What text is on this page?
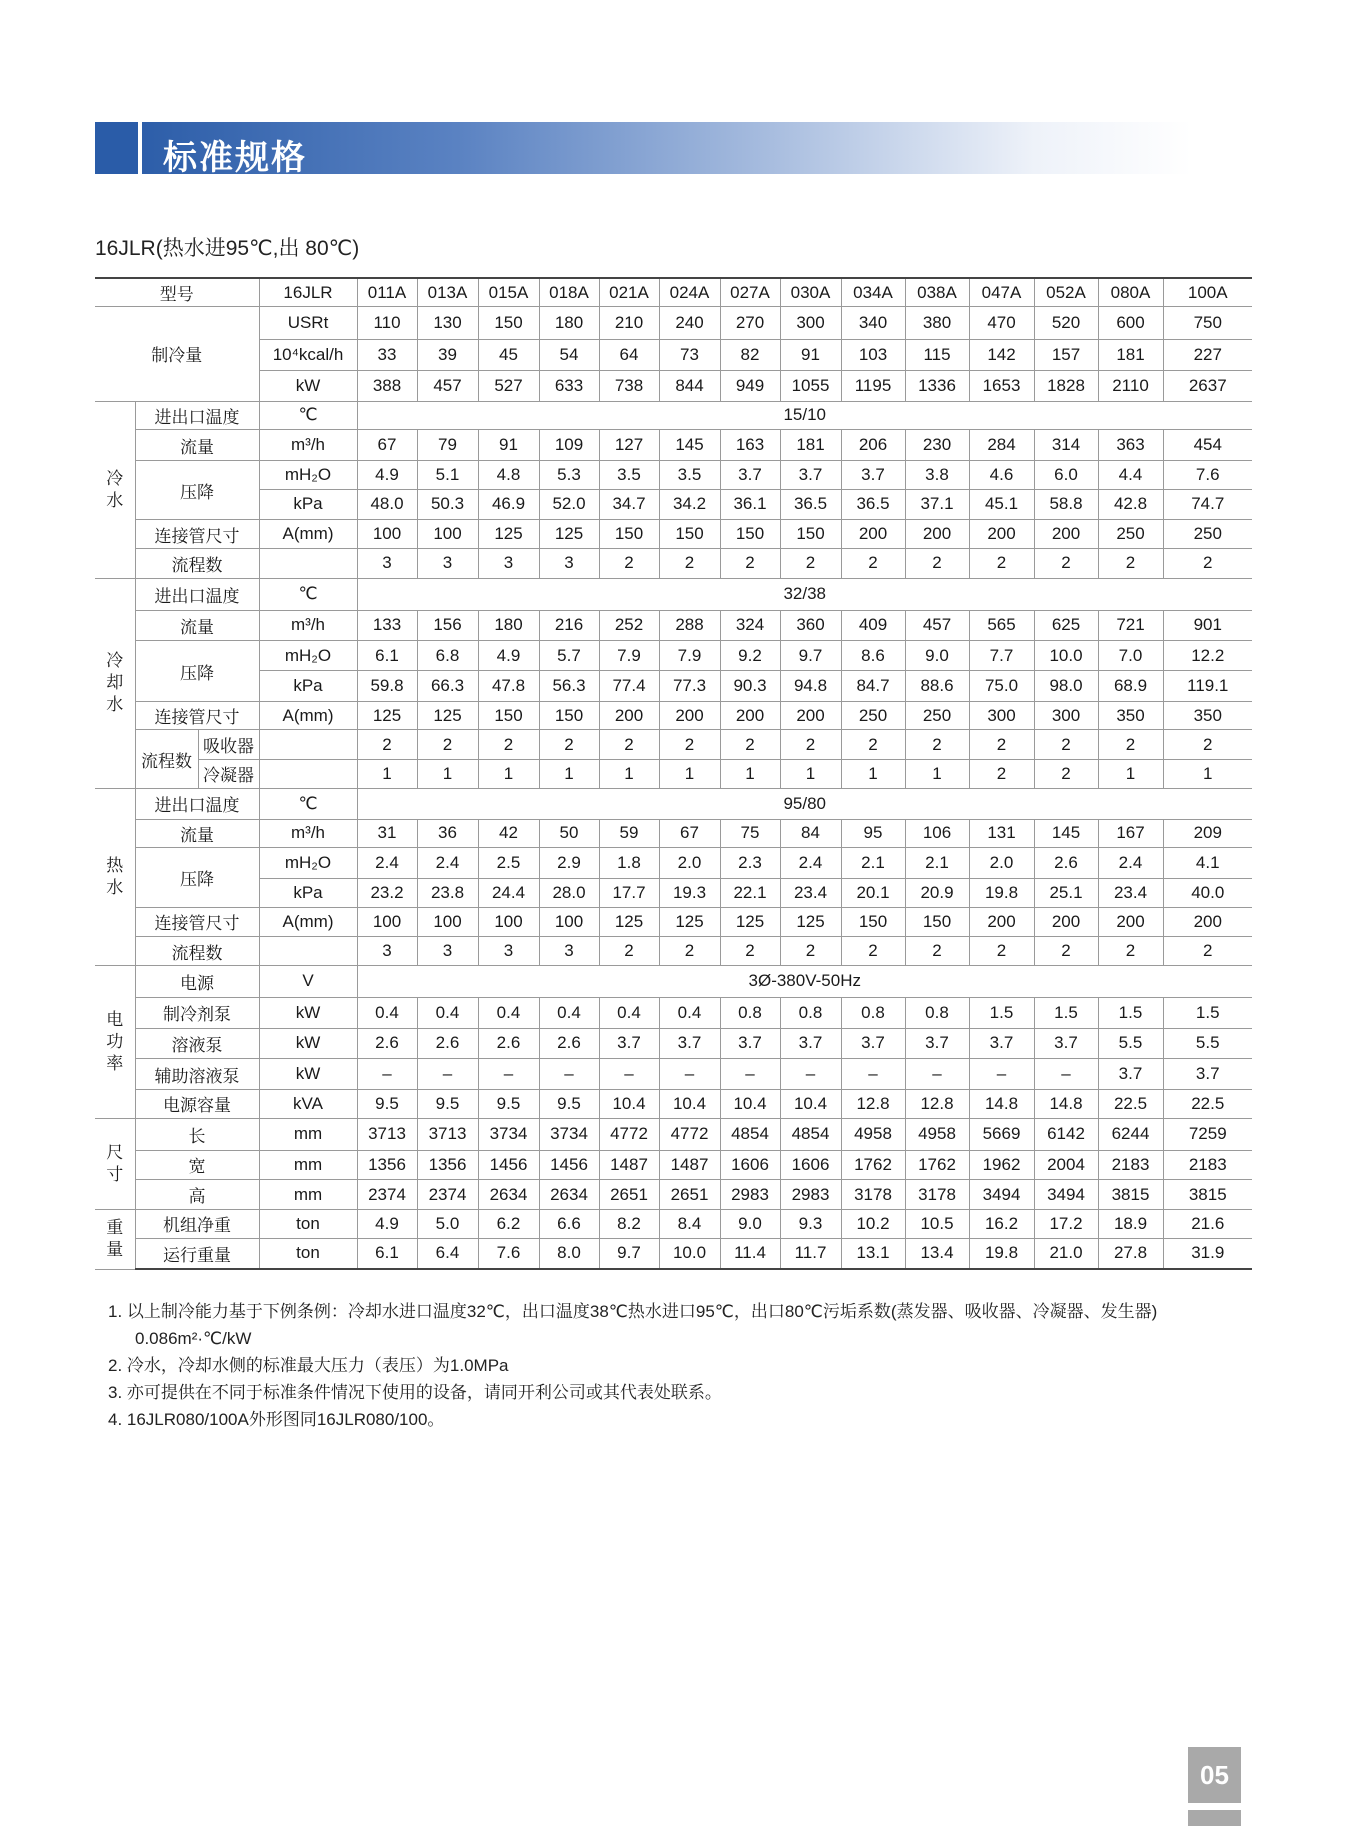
标准规格
16JLR(热水进95℃,出 80℃)
型号			16JLR	011A	013A	015A	018A	021A	024A	027A	030A	034A	038A	047A	052A	080A	100A
制冷量			USRt	110	130	150	180	210	240	270	300	340	380	470	520	600	750
			10⁴kcal/h	33	39	45	54	64	73	82	91	103	115	142	157	181	227
			kW	388	457	527	633	738	844	949	1055	1195	1336	1653	1828	2110	2637
冷水	进出口温度		℃	15/10													
	流量		m³/h	67	79	91	109	127	145	163	181	206	230	284	314	363	454
	压降		mH₂O	4.9	5.1	4.8	5.3	3.5	3.5	3.7	3.7	3.7	3.8	4.6	6.0	4.4	7.6
			kPa	48.0	50.3	46.9	52.0	34.7	34.2	36.1	36.5	36.5	37.1	45.1	58.8	42.8	74.7
	连接管尺寸		A(mm)	100	100	125	125	150	150	150	150	200	200	200	200	250	250
	流程数			3	3	3	3	2	2	2	2	2	2	2	2	2	2
冷却水	进出口温度		℃	32/38													
	流量		m³/h	133	156	180	216	252	288	324	360	409	457	565	625	721	901
	压降		mH₂O	6.1	6.8	4.9	5.7	7.9	7.9	9.2	9.7	8.6	9.0	7.7	10.0	7.0	12.2
			kPa	59.8	66.3	47.8	56.3	77.4	77.3	90.3	94.8	84.7	88.6	75.0	98.0	68.9	119.1
	连接管尺寸		A(mm)	125	125	150	150	200	200	200	200	250	250	300	300	350	350
	流程数	吸收器		2	2	2	2	2	2	2	2	2	2	2	2	2	2
		冷凝器		1	1	1	1	1	1	1	1	1	1	2	2	1	1
热水	进出口温度		℃	95/80													
	流量		m³/h	31	36	42	50	59	67	75	84	95	106	131	145	167	209
	压降		mH₂O	2.4	2.4	2.5	2.9	1.8	2.0	2.3	2.4	2.1	2.1	2.0	2.6	2.4	4.1
			kPa	23.2	23.8	24.4	28.0	17.7	19.3	22.1	23.4	20.1	20.9	19.8	25.1	23.4	40.0
	连接管尺寸		A(mm)	100	100	100	100	125	125	125	125	150	150	200	200	200	200
	流程数			3	3	3	3	2	2	2	2	2	2	2	2	2	2
电功率	电源		V	3Ø-380V-50Hz													
	制冷剂泵		kW	0.4	0.4	0.4	0.4	0.4	0.4	0.8	0.8	0.8	0.8	1.5	1.5	1.5	1.5
	溶液泵		kW	2.6	2.6	2.6	2.6	3.7	3.7	3.7	3.7	3.7	3.7	3.7	3.7	5.5	5.5
	辅助溶液泵		kW	–	–	–	–	–	–	–	–	–	–	–	–	3.7	3.7
	电源容量		kVA	9.5	9.5	9.5	9.5	10.4	10.4	10.4	10.4	12.8	12.8	14.8	14.8	22.5	22.5
尺寸	长		mm	3713	3713	3734	3734	4772	4772	4854	4854	4958	4958	5669	6142	6244	7259
	宽		mm	1356	1356	1456	1456	1487	1487	1606	1606	1762	1762	1962	2004	2183	2183
	高		mm	2374	2374	2634	2634	2651	2651	2983	2983	3178	3178	3494	3494	3815	3815
重量	机组净重		ton	4.9	5.0	6.2	6.6	8.2	8.4	9.0	9.3	10.2	10.5	16.2	17.2	18.9	21.6
	运行重量		ton	6.1	6.4	7.6	8.0	9.7	10.0	11.4	11.7	13.1	13.4	19.8	21.0	27.8	31.9

1. 以上制冷能力基于下例条例：冷却水进口温度32℃，出口温度38℃热水进口95℃，出口80℃污垢系数(蒸发器、吸收器、冷凝器、发生器)

0.086m²·℃/kW

2. 冷水，冷却水侧的标准最大压力（表压）为1.0MPa

3. 亦可提供在不同于标准条件情况下使用的设备，请同开利公司或其代表处联系。

4. 16JLR080/100A外形图同16JLR080/100。

05
